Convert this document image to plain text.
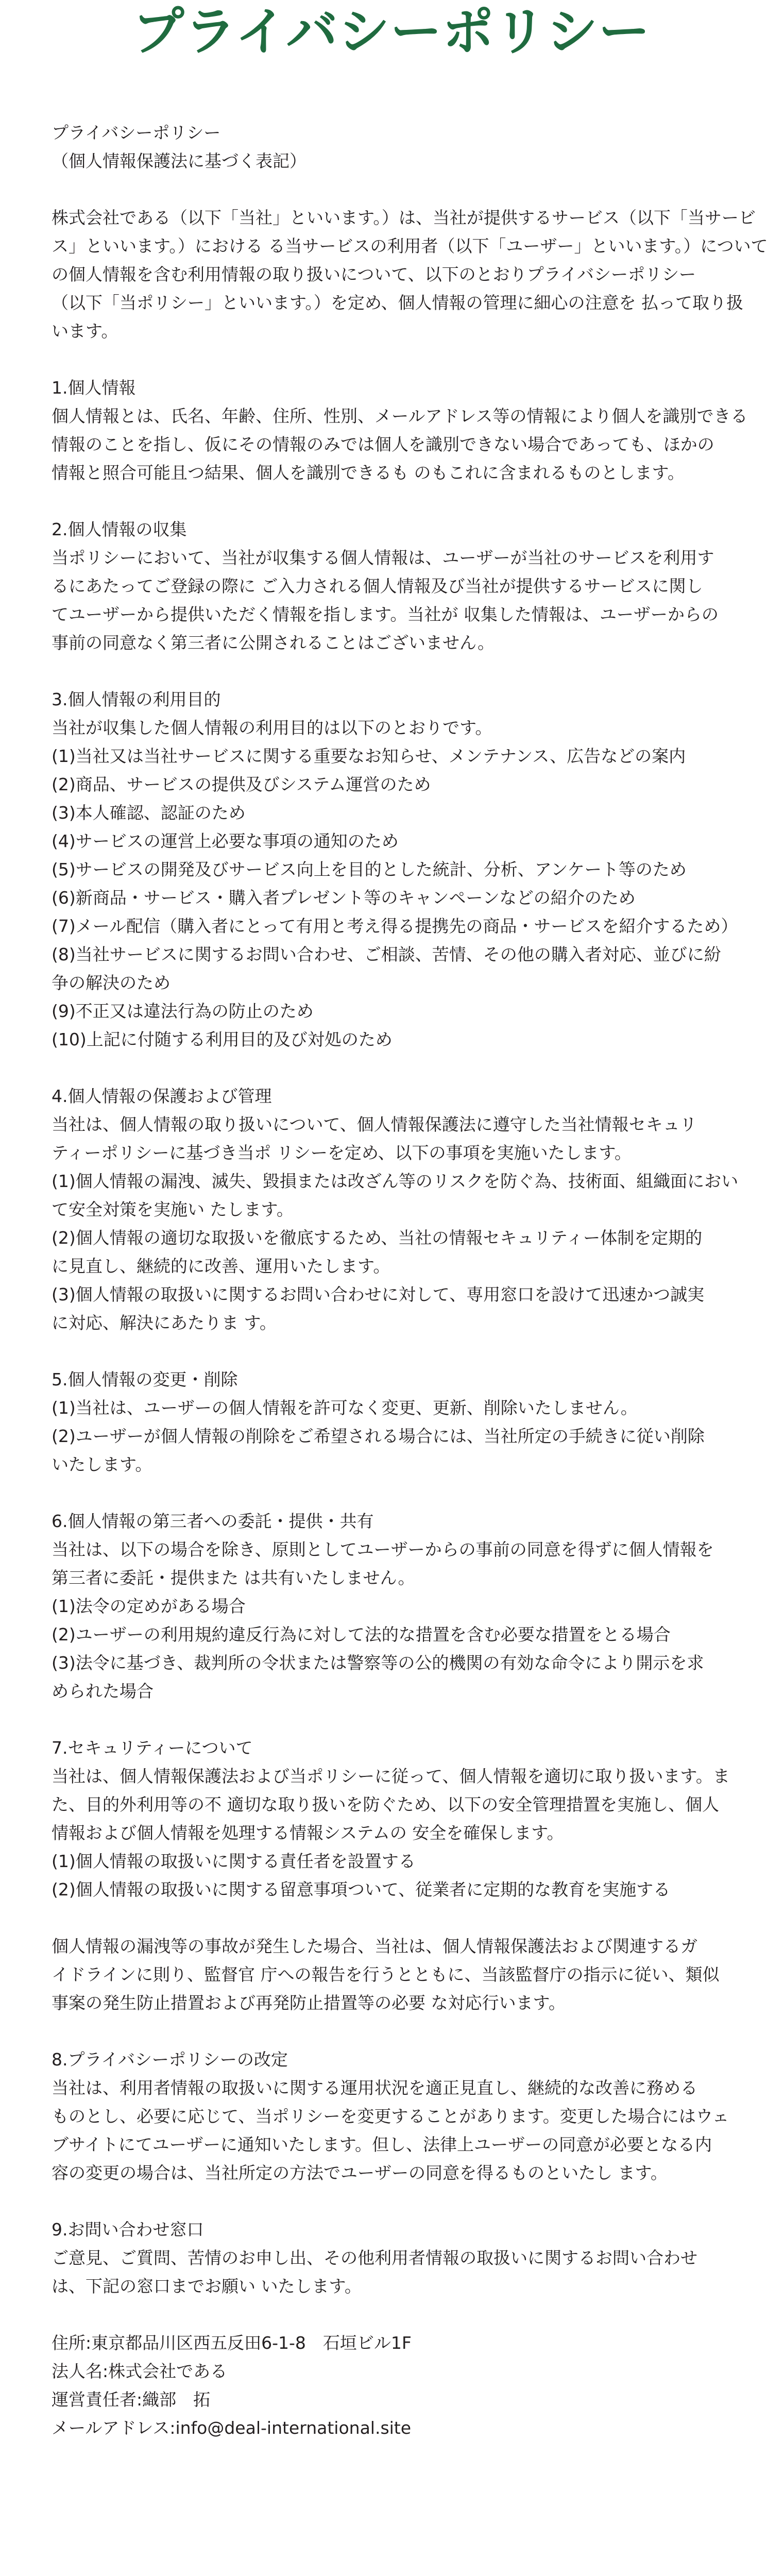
プライバシーポリシー
プライバシーポリシー
（個人情報保護法に基づく表記）
株式会社である（以下「当社」といいます。）は、当社が提供するサービス（以下「当サービ
ス」といいます。）における る当サービスの利用者（以下「ユーザー」といいます。）について
の個人情報を含む利用情報の取り扱いについて、以下のとおりプライバシーポリシー
（以下「当ポリシー」といいます。）を定め、個人情報の管理に細心の注意を 払って取り扱
います。
1.個人情報
個人情報とは、氏名、年齢、住所、性別、メールアドレス等の情報により個人を識別できる
情報のことを指し、仮にその情報のみでは個人を識別できない場合であっても、ほかの
情報と照合可能且つ結果、個人を識別できるも のもこれに含まれるものとします。
2.個人情報の収集
当ポリシーにおいて、当社が収集する個人情報は、ユーザーが当社のサービスを利用す
るにあたってご登録の際に ご入力される個人情報及び当社が提供するサービスに関し
てユーザーから提供いただく情報を指します。当社が 収集した情報は、ユーザーからの
事前の同意なく第三者に公開されることはございません。
3.個人情報の利用目的
当社が収集した個人情報の利用目的は以下のとおりです。
(1)当社又は当社サービスに関する重要なお知らせ、メンテナンス、広告などの案内
(2)商品、サービスの提供及びシステム運営のため
(3)本人確認、認証のため
(4)サービスの運営上必要な事項の通知のため
(5)サービスの開発及びサービス向上を目的とした統計、分析、アンケート等のため
(6)新商品・サービス・購入者プレゼント等のキャンペーンなどの紹介のため
(7)メール配信（購入者にとって有用と考え得る提携先の商品・サービスを紹介するため）
(8)当社サービスに関するお問い合わせ、ご相談、苦情、その他の購入者対応、並びに紛
争の解決のため
(9)不正又は違法行為の防止のため
(10)上記に付随する利用目的及び対処のため
4.個人情報の保護および管理
当社は、個人情報の取り扱いについて、個人情報保護法に遵守した当社情報セキュリ
ティーポリシーに基づき当ポ リシーを定め、以下の事項を実施いたします。
(1)個人情報の漏洩、滅失、毀損または改ざん等のリスクを防ぐ為、技術面、組織面におい
て安全対策を実施い たします。
(2)個人情報の適切な取扱いを徹底するため、当社の情報セキュリティー体制を定期的
に見直し、継続的に改善、運用いたします。
(3)個人情報の取扱いに関するお問い合わせに対して、専用窓口を設けて迅速かつ誠実
に対応、解決にあたりま す。
5.個人情報の変更・削除
(1)当社は、ユーザーの個人情報を許可なく変更、更新、削除いたしません。
(2)ユーザーが個人情報の削除をご希望される場合には、当社所定の手続きに従い削除
いたします。
6.個人情報の第三者への委託・提供・共有
当社は、以下の場合を除き、原則としてユーザーからの事前の同意を得ずに個人情報を
第三者に委託・提供また は共有いたしません。
(1)法令の定めがある場合
(2)ユーザーの利用規約違反行為に対して法的な措置を含む必要な措置をとる場合
(3)法令に基づき、裁判所の令状または警察等の公的機関の有効な命令により開示を求
められた場合
7.セキュリティーについて
当社は、個人情報保護法および当ポリシーに従って、個人情報を適切に取り扱います。ま
た、目的外利用等の不 適切な取り扱いを防ぐため、以下の安全管理措置を実施し、個人
情報および個人情報を処理する情報システムの 安全を確保します。
(1)個人情報の取扱いに関する責任者を設置する
(2)個人情報の取扱いに関する留意事項ついて、従業者に定期的な教育を実施する
個人情報の漏洩等の事故が発生した場合、当社は、個人情報保護法および関連するガ
イドラインに則り、監督官 庁への報告を行うとともに、当該監督庁の指示に従い、類似
事案の発生防止措置および再発防止措置等の必要 な対応行います。
8.プライバシーポリシーの改定
当社は、利用者情報の取扱いに関する運用状況を適正見直し、継続的な改善に務める
ものとし、必要に応じて、当ポリシーを変更することがあります。変更した場合にはウェ
ブサイトにてユーザーに通知いたします。但し、法律上ユーザーの同意が必要となる内
容の変更の場合は、当社所定の方法でユーザーの同意を得るものといたし ます。
9.お問い合わせ窓口
ご意見、ご質問、苦情のお申し出、その他利用者情報の取扱いに関するお問い合わせ
は、下記の窓口までお願い いたします。
住所:東京都品川区西五反田6-1-8　石垣ビル1F
法人名:株式会社である
運営責任者:織部　拓
メールアドレス:info@deal-international.site
